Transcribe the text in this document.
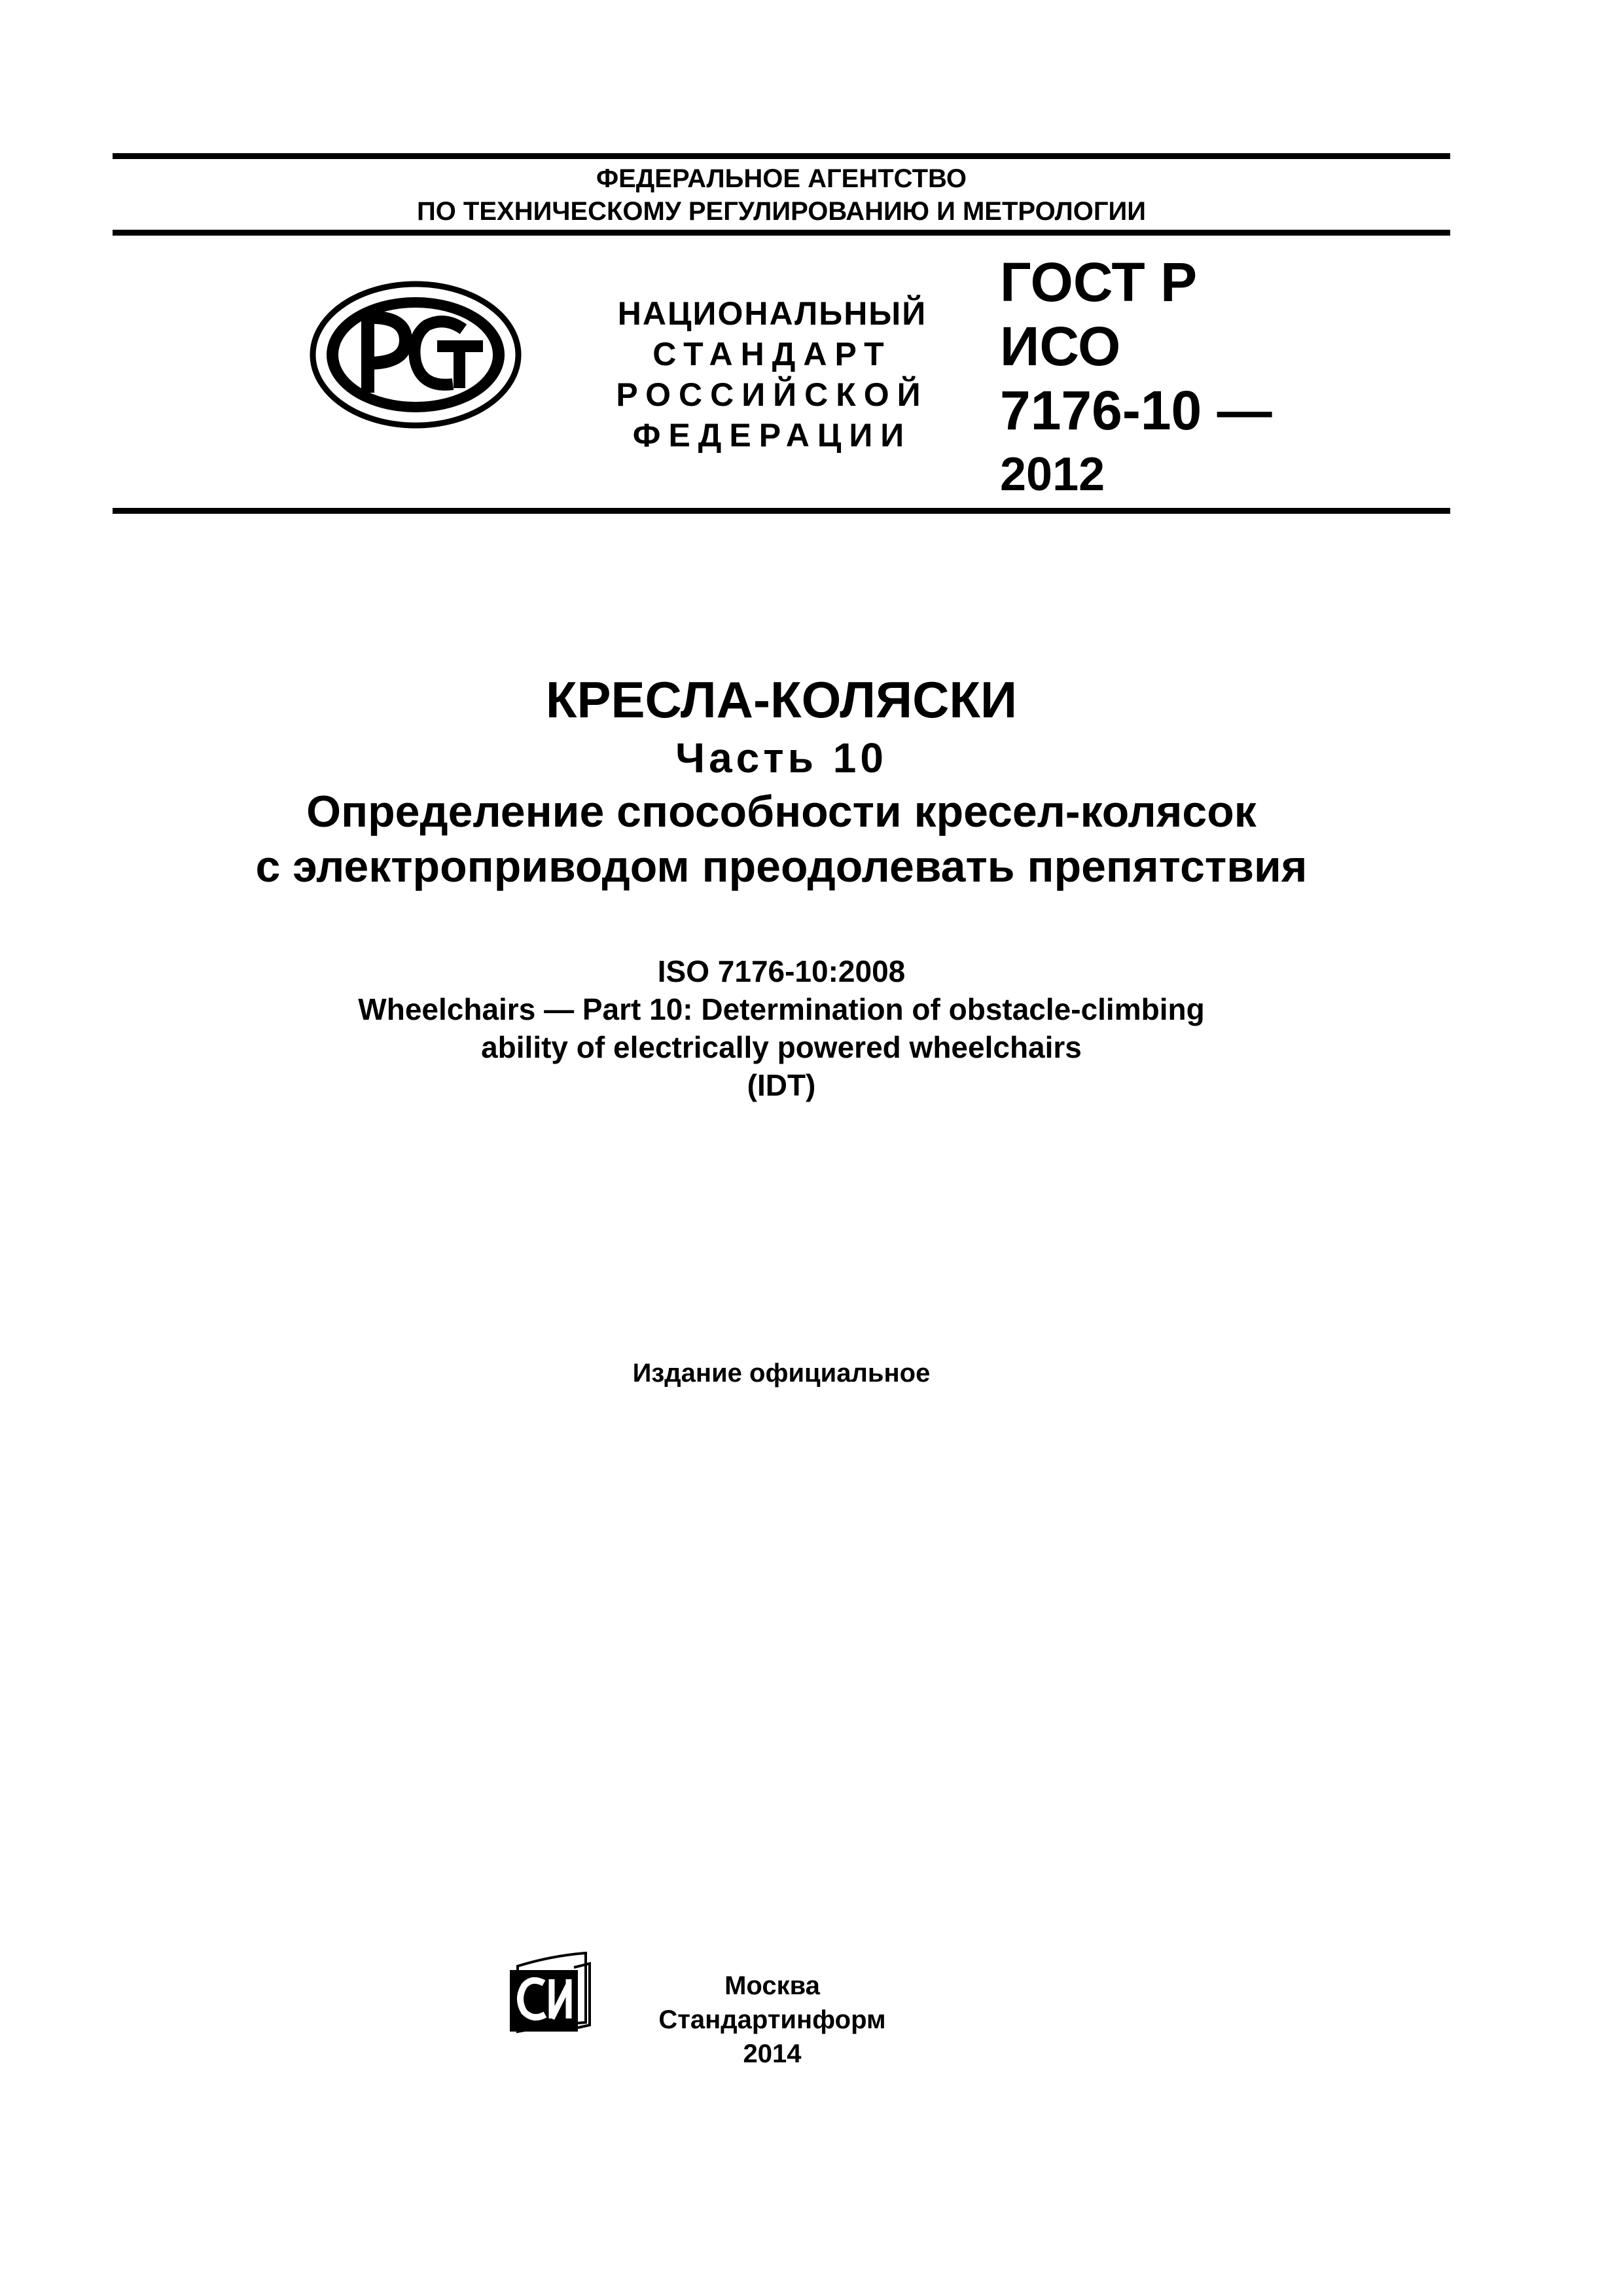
ФЕДЕРАЛЬНОЕ АГЕНТСТВО
ПО ТЕХНИЧЕСКОМУ РЕГУЛИРОВАНИЮ И МЕТРОЛОГИИ
НАЦИОНАЛЬНЫЙ
СТАНДАРТ
РОССИЙСКОЙ
ФЕДЕРАЦИИ
ГОСТ Р
ИСО
7176-10 —
2012
КРЕСЛА-КОЛЯСКИ
Часть 10
Определение способности кресел-колясок
с электроприводом преодолевать препятствия
ISO 7176-10:2008
Wheelchairs — Part 10: Determination of obstacle-climbing
ability of electrically powered wheelchairs
(IDT)
Издание официальное
Москва
Стандартинформ
2014
